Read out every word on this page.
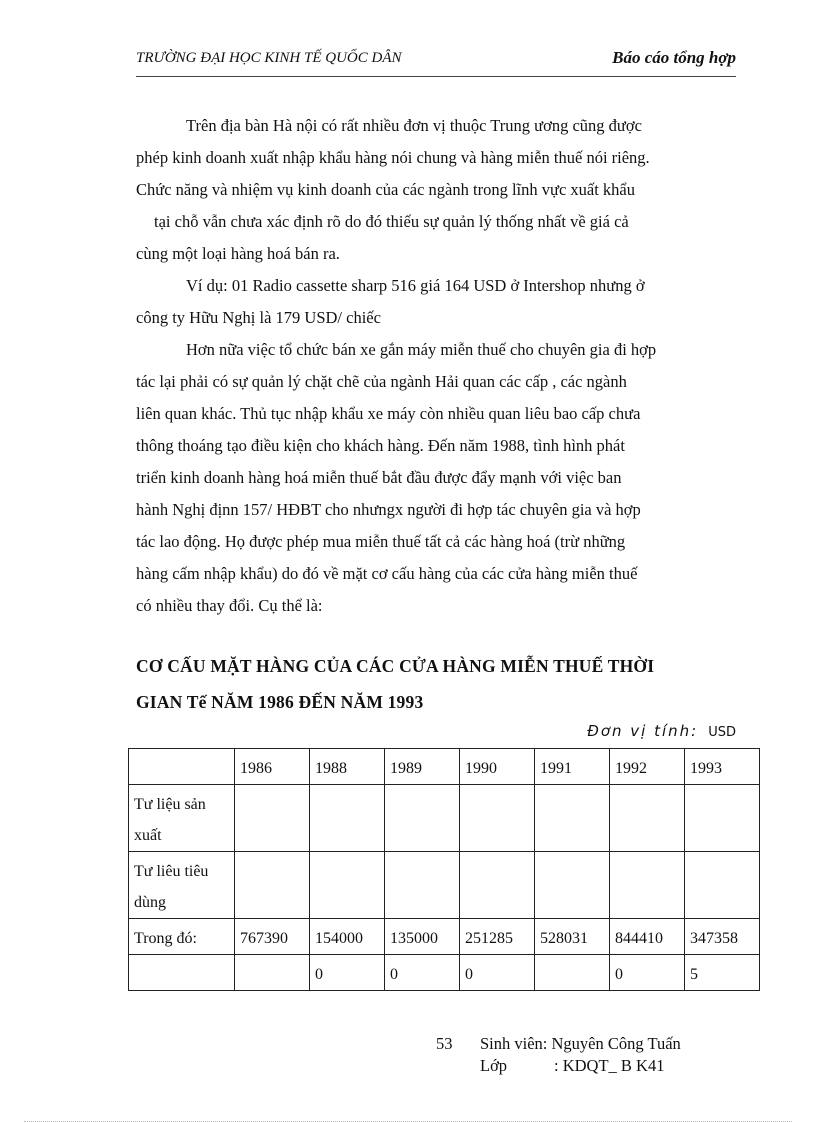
TRƯỜNG ĐẠI HỌC KINH TẾ QUỐC DÂN	Báo cáo tổng hợp

Trên địa bàn Hà nội có rất nhiều đơn vị thuộc Trung ương cũng được

phép kinh doanh xuất nhập khẩu hàng nói chung và hàng miễn thuế nói riêng.

Chức năng và nhiệm vụ kinh doanh của các ngành trong lĩnh vực xuất khẩu

tại chỗ vẫn chưa xác định rõ do đó thiếu sự quản lý thống nhất về giá cả

cùng một loại hàng hoá bán ra.

Ví dụ: 01 Radio cassette sharp 516 giá 164 USD ở Intershop nhưng ở

công ty Hữu Nghị là 179 USD/ chiếc

Hơn nữa việc tổ chức bán xe gắn máy miễn thuế cho chuyên gia đi hợp

tác lại phải có sự quản lý chặt chẽ của ngành Hải quan các cấp , các ngành

liên quan khác. Thủ tục nhập khẩu xe máy còn nhiều quan liêu bao cấp chưa

thông thoáng tạo điều kiện cho khách hàng. Đến năm 1988, tình hình phát

triển kinh doanh hàng hoá miễn thuế bắt đầu được đẩy mạnh với việc ban

hành Nghị địnn 157/ HĐBT cho nhưngx người đi hợp tác chuyên gia và hợp

tác lao động. Họ được phép mua miễn thuế tất cả các hàng hoá (trừ những

hàng cấm nhập khẩu) do đó về mặt cơ cấu hàng của các cửa hàng miễn thuế

có nhiều thay đổi. Cụ thể là:

CƠ CẤU MẶT HÀNG CỦA CÁC CỬA HÀNG MIỄN THUẾ THỜI
GIAN Tế NĂM 1986 ĐẾN NĂM 1993
Đơn vị tính: USD
	1986	1988	1989	1990	1991	1992	1993
Tư liệu sản xuất							
Tư liêu tiêu dùng							
Trong đó:	767390	154000	135000	251285	528031	844410	347358
		0	0	0		0	5
53 Sinh viên: Nguyên Công Tuấn
Lớp	: KDQT_ B K41
